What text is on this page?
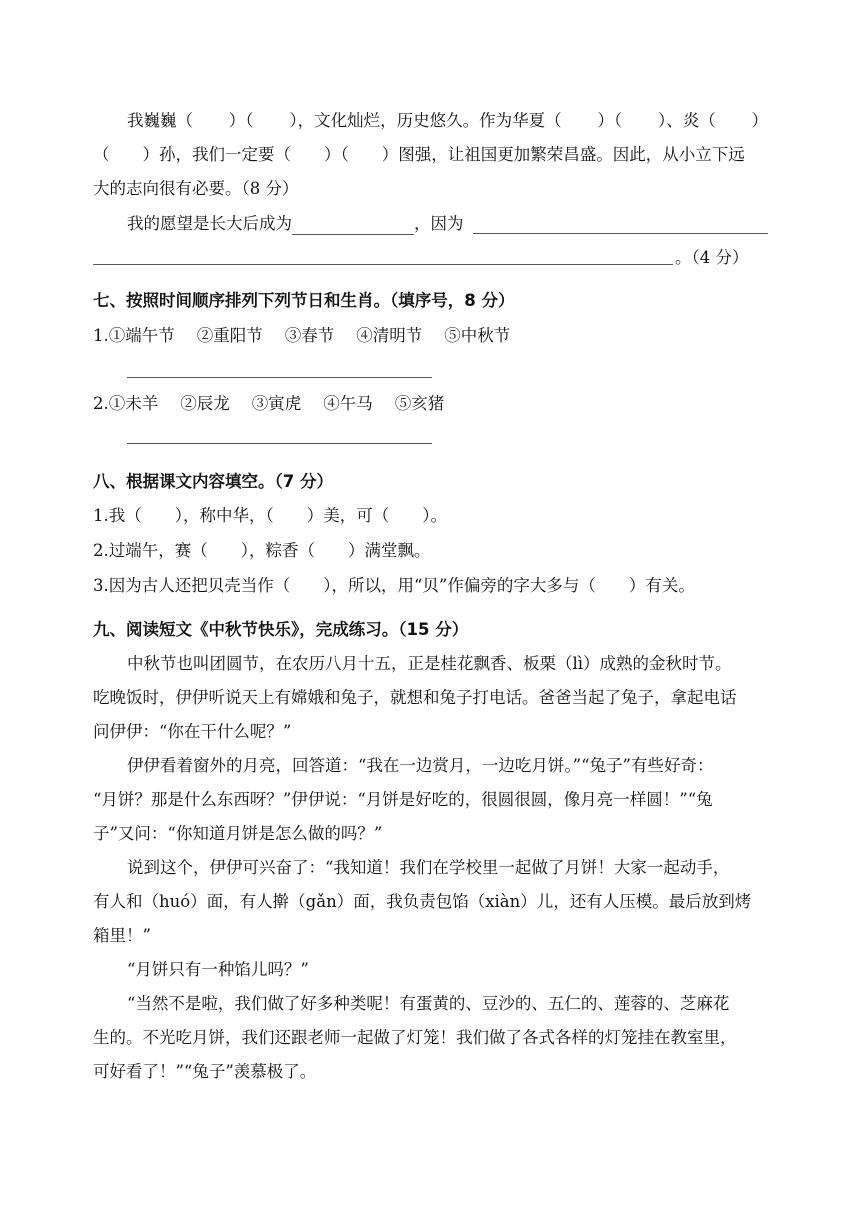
我巍巍（ ）（ ），文化灿烂，历史悠久。作为华夏（ ）（ ）、炎（ ）
（　　）孙，我们一定要（　　）（　　）图强，让祖国更加繁荣昌盛。因此，从小立下远
大的志向很有必要。（8 分）
我的愿望是长大后成为	，因为
。（4 分）
七、按照时间顺序排列下列节日和生肖。（填序号，8 分）
1.①端午节 ②重阳节 ③春节 ④清明节 ⑤中秋节
2.①未羊 ②辰龙 ③寅虎 ④午马 ⑤亥猪
八、根据课文内容填空。（7 分）
1.我（　　），称中华，（　　）美，可（　　）。
2.过端午，赛（　　），粽香（　　）满堂飘。
3.因为古人还把贝壳当作（　　），所以，用“贝”作偏旁的字大多与（　　）有关。
九、阅读短文《中秋节快乐》，完成练习。（15 分）
中秋节也叫团圆节，在农历八月十五，正是桂花飘香、板栗（lì）成熟的金秋时节。
吃晚饭时，伊伊听说天上有嫦娥和兔子，就想和兔子打电话。爸爸当起了兔子，拿起电话
问伊伊：“你在干什么呢？”
伊伊看着窗外的月亮，回答道：“我在一边赏月，一边吃月饼。”“兔子”有些好奇：
“月饼？那是什么东西呀？”伊伊说：“月饼是好吃的，很圆很圆，像月亮一样圆！”“兔
子”又问：“你知道月饼是怎么做的吗？”
说到这个，伊伊可兴奋了：“我知道！我们在学校里一起做了月饼！大家一起动手，
有人和（huó）面，有人擀（gǎn）面，我负责包馅（xiàn）儿，还有人压模。最后放到烤
箱里！”
“月饼只有一种馅儿吗？”
“当然不是啦，我们做了好多种类呢！有蛋黄的、豆沙的、五仁的、莲蓉的、芝麻花
生的。不光吃月饼，我们还跟老师一起做了灯笼！我们做了各式各样的灯笼挂在教室里，
可好看了！”“兔子”羡慕极了。
